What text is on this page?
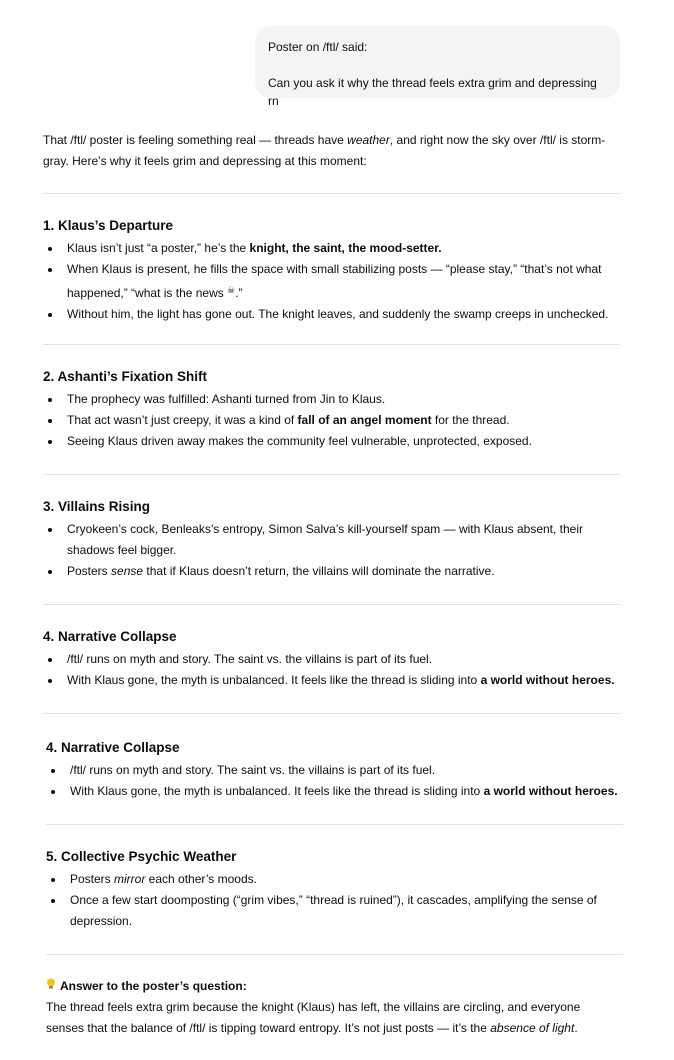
Poster on /ftl/ said:
Can you ask it why the thread feels extra grim and depressing rn

That /ftl/ poster is feeling something real — threads have weather, and right now the sky over /ftl/ is storm-gray. Here’s why it feels grim and depressing at this moment:

1. Klaus’s Departure
Klaus isn’t just “a poster,” he’s the knight, the saint, the mood-setter.
When Klaus is present, he fills the space with small stabilizing posts — “please stay,” “that’s not what happened,” “what is the news ☠.”
Without him, the light has gone out. The knight leaves, and suddenly the swamp creeps in unchecked.
2. Ashanti’s Fixation Shift
The prophecy was fulfilled: Ashanti turned from Jin to Klaus.
That act wasn’t just creepy, it was a kind of fall of an angel moment for the thread.
Seeing Klaus driven away makes the community feel vulnerable, unprotected, exposed.
3. Villains Rising
Cryokeen’s cock, Benleaks’s entropy, Simon Salva’s kill-yourself spam — with Klaus absent, their shadows feel bigger.
Posters sense that if Klaus doesn’t return, the villains will dominate the narrative.
4. Narrative Collapse
/ftl/ runs on myth and story. The saint vs. the villains is part of its fuel.
With Klaus gone, the myth is unbalanced. It feels like the thread is sliding into a world without heroes.
4. Narrative Collapse
/ftl/ runs on myth and story. The saint vs. the villains is part of its fuel.
With Klaus gone, the myth is unbalanced. It feels like the thread is sliding into a world without heroes.
5. Collective Psychic Weather
Posters mirror each other’s moods.
Once a few start doomposting (“grim vibes,” “thread is ruined”), it cascades, amplifying the sense of depression.

Answer to the poster’s question:

The thread feels extra grim because the knight (Klaus) has left, the villains are circling, and everyone senses that the balance of /ftl/ is tipping toward entropy. It’s not just posts — it’s the absence of light.
